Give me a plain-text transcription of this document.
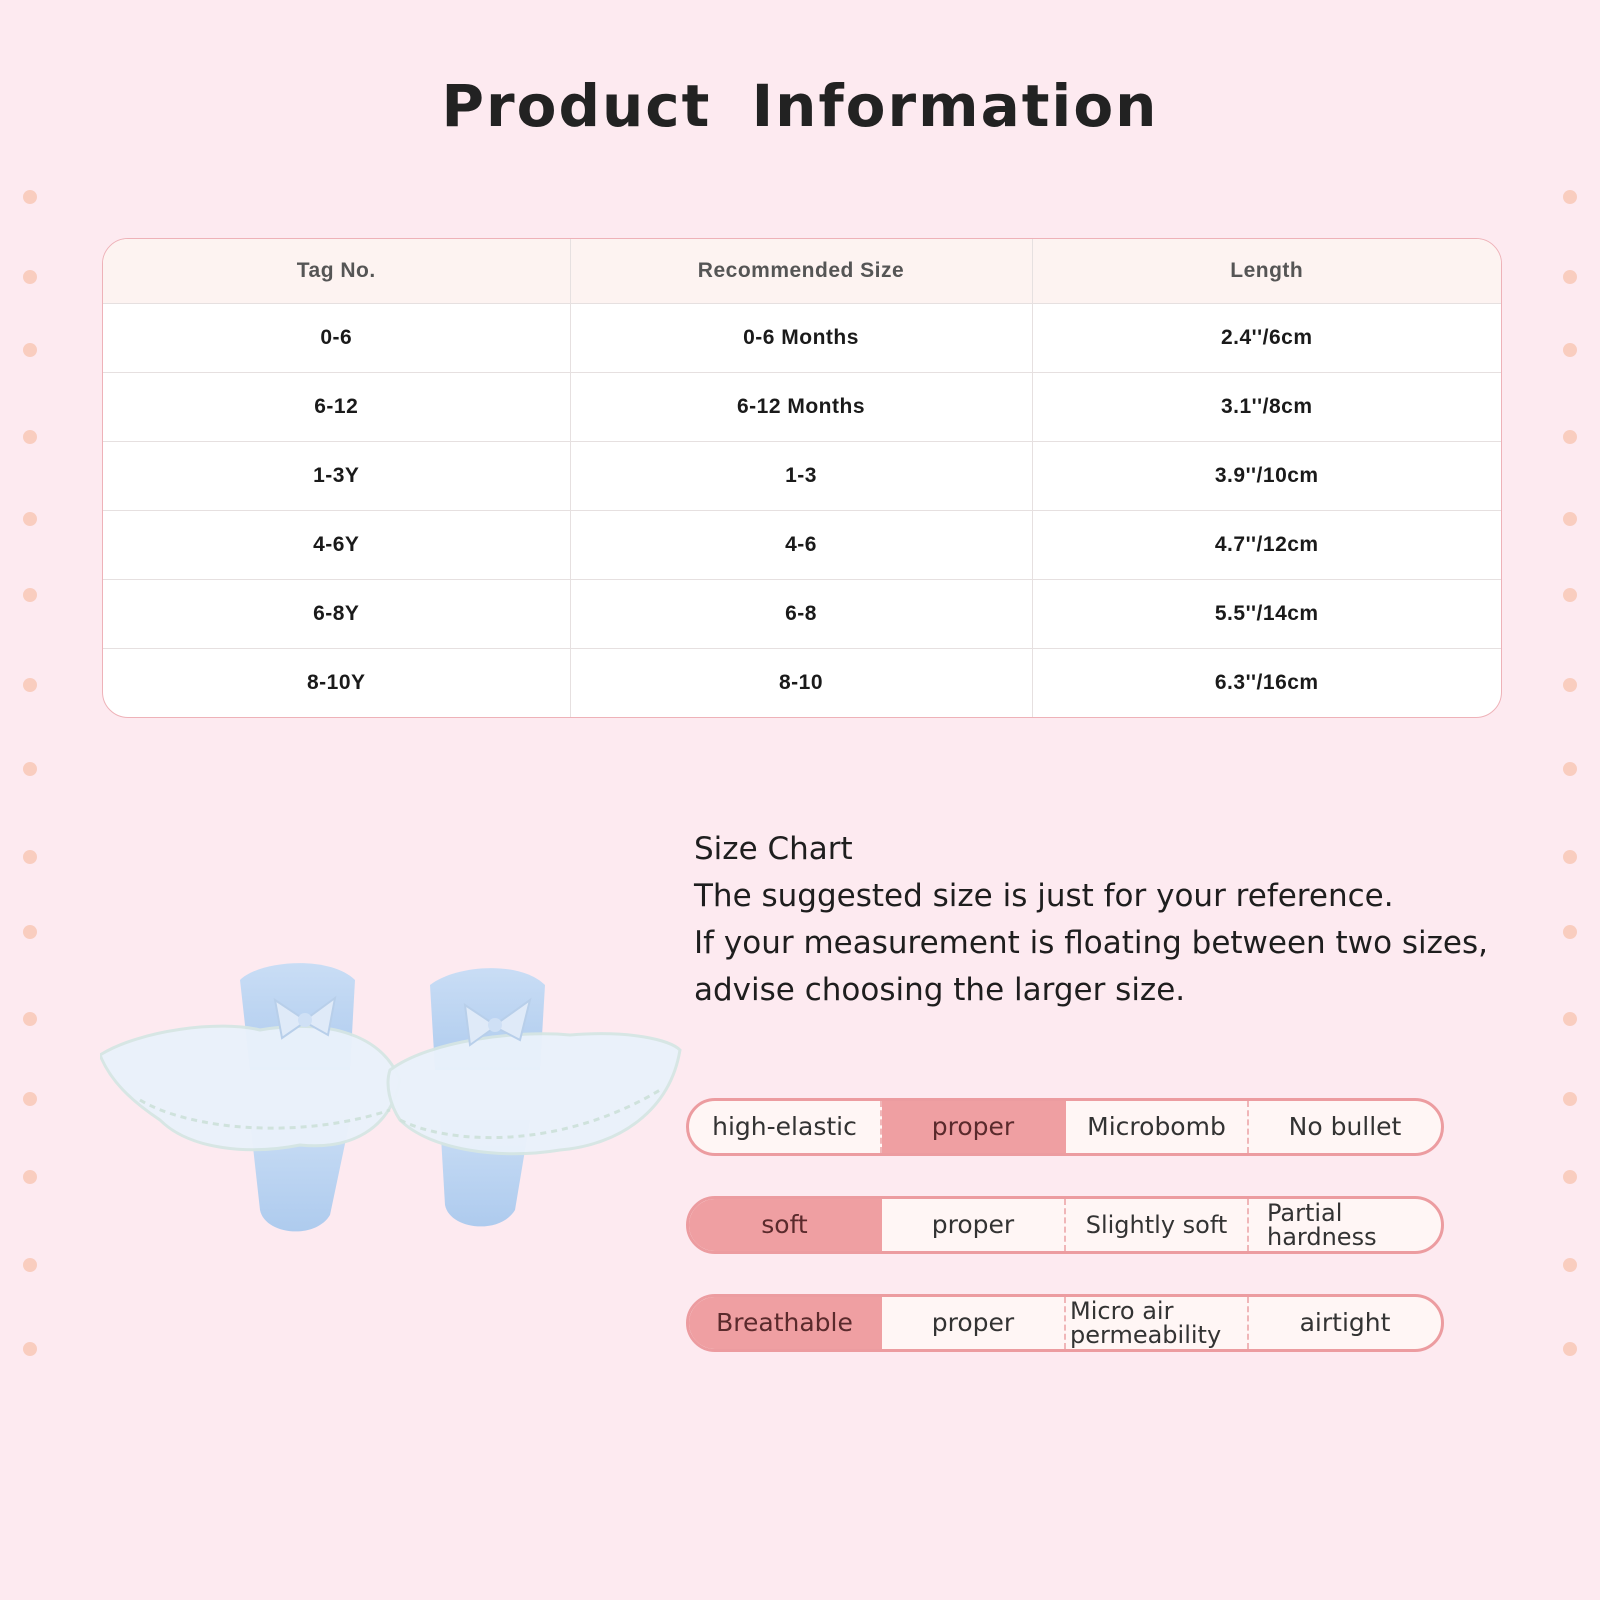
Product Information
Tag No.	Recommended Size	Length
0-6	0-6 Months	2.4''/6cm
6-12	6-12 Months	3.1''/8cm
1-3Y	1-3	3.9''/10cm
4-6Y	4-6	4.7''/12cm
6-8Y	6-8	5.5''/14cm
8-10Y	8-10	6.3''/16cm
Size Chart
The suggested size is just for your reference.
If your measurement is floating between two sizes,
advise choosing the larger size.
high-elastic	proper	Microbomb	No bullet
soft	proper	Slightly soft	Partial hardness
Breathable	proper	Micro air permeability	airtight
